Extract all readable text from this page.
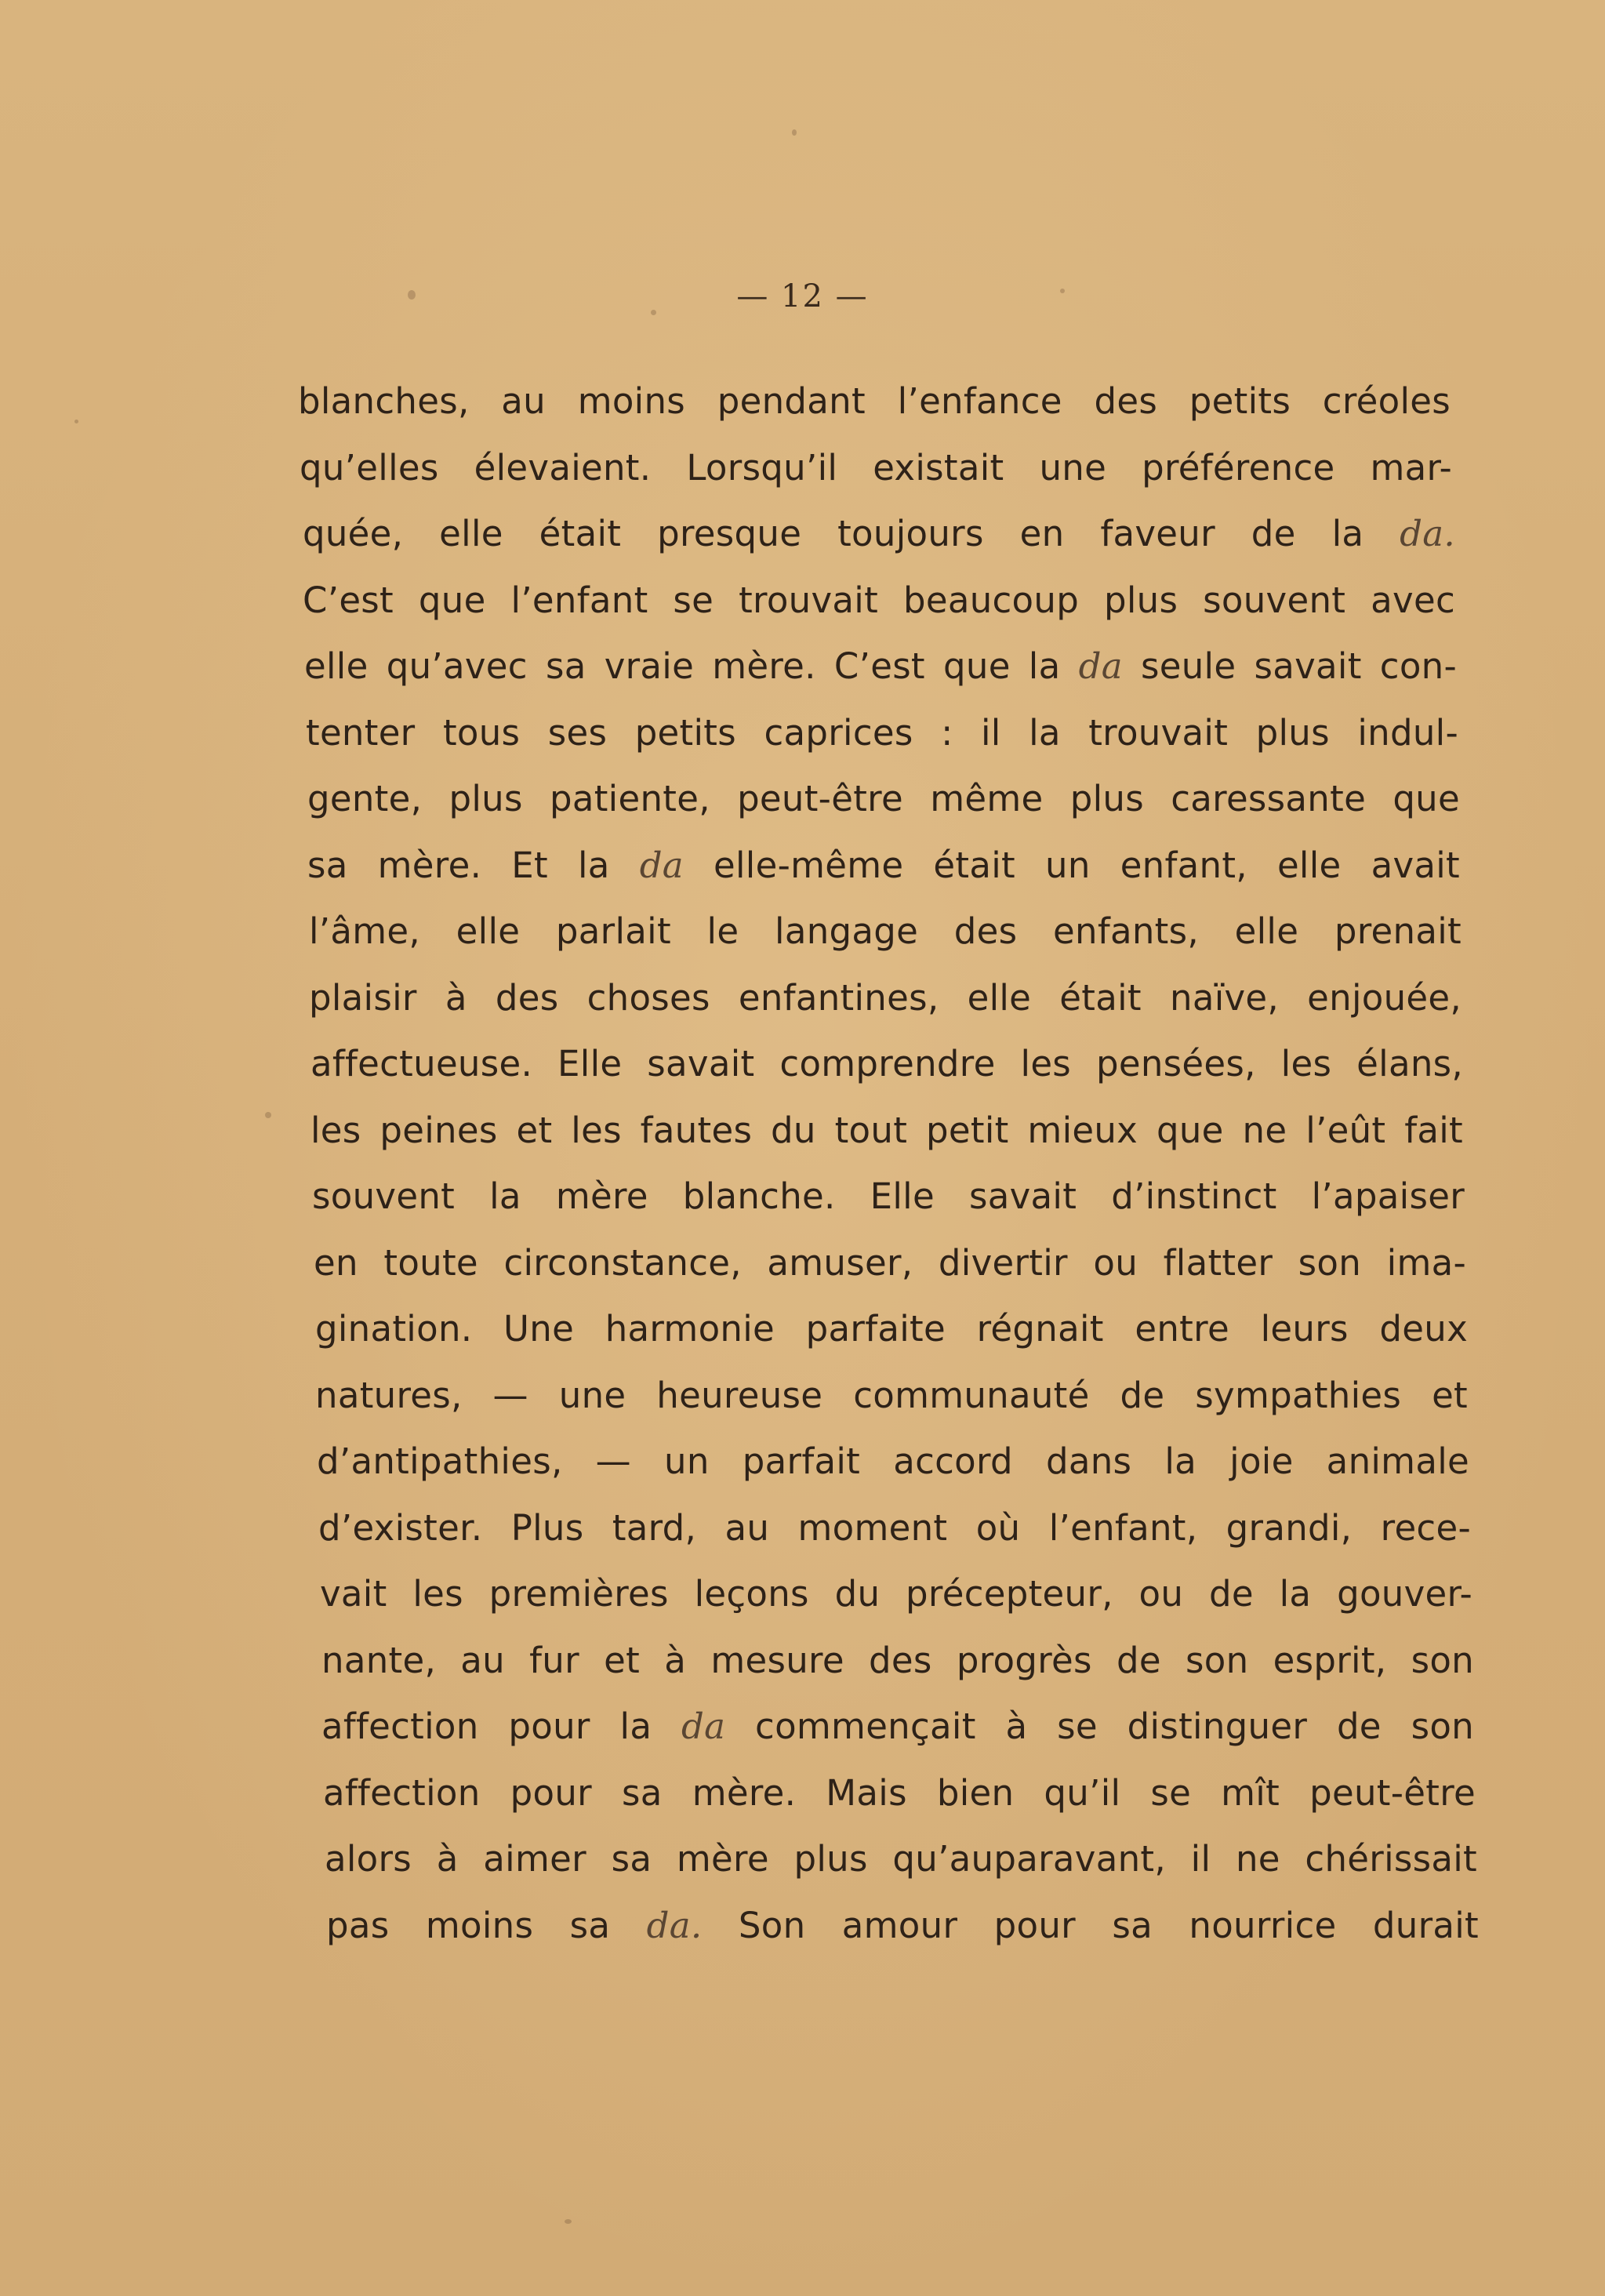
— 12 —
blanches, au moins pendant l’enfance des petits créoles
qu’elles élevaient. Lorsqu’il existait une préférence mar-
quée, elle était presque toujours en faveur de la da.
C’est que l’enfant se trouvait beaucoup plus souvent avec
elle qu’avec sa vraie mère. C’est que la da seule savait con-
tenter tous ses petits caprices : il la trouvait plus indul-
gente, plus patiente, peut-être même plus caressante que
sa mère. Et la da elle-même était un enfant, elle avait
l’âme, elle parlait le langage des enfants, elle prenait
plaisir à des choses enfantines, elle était naïve, enjouée,
affectueuse. Elle savait comprendre les pensées, les élans,
les peines et les fautes du tout petit mieux que ne l’eût fait
souvent la mère blanche. Elle savait d’instinct l’apaiser
en toute circonstance, amuser, divertir ou flatter son ima-
gination. Une harmonie parfaite régnait entre leurs deux
natures, — une heureuse communauté de sympathies et
d’antipathies, — un parfait accord dans la joie animale
d’exister. Plus tard, au moment où l’enfant, grandi, rece-
vait les premières leçons du précepteur, ou de la gouver-
nante, au fur et à mesure des progrès de son esprit, son
affection pour la da commençait à se distinguer de son
affection pour sa mère. Mais bien qu’il se mît peut-être
alors à aimer sa mère plus qu’auparavant, il ne chérissait
pas moins sa da. Son amour pour sa nourrice durait
